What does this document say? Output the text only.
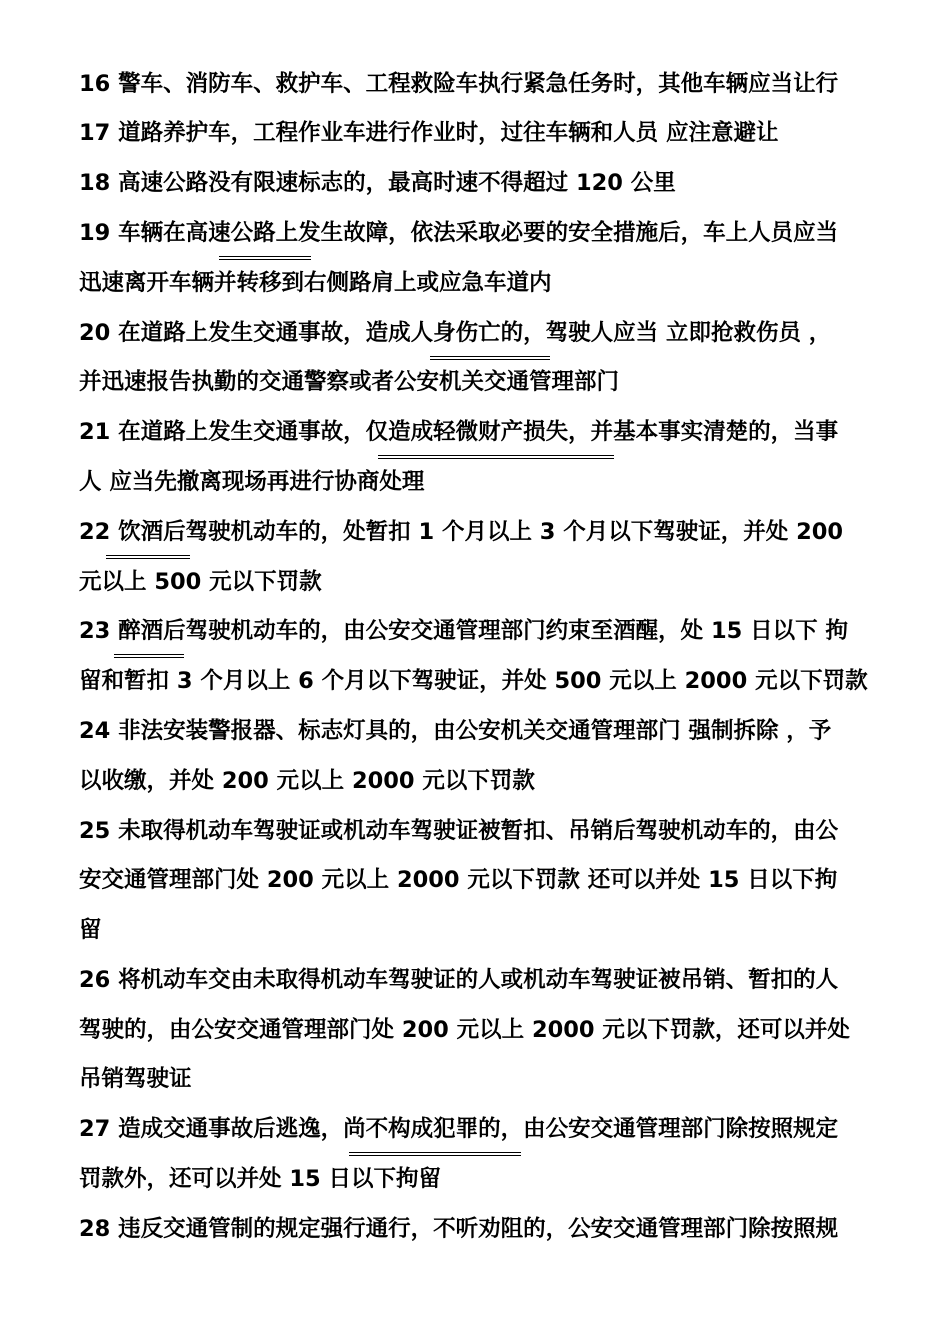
16 警车、消防车、救护车、工程救险车执行紧急任务时，其他车辆应当让行
17 道路养护车，工程作业车进行作业时，过往车辆和人员 应注意避让
18 高速公路没有限速标志的，最高时速不得超过 120 公里
19 车辆在高速公路上发生故障，依法采取必要的安全措施后，车上人员应当
迅速离开车辆并转移到右侧路肩上或应急车道内
20 在道路上发生交通事故，造成人身伤亡的，驾驶人应当 立即抢救伤员 ，
并迅速报告执勤的交通警察或者公安机关交通管理部门
21 在道路上发生交通事故，仅造成轻微财产损失，并基本事实清楚的，当事
人 应当先撤离现场再进行协商处理
22 饮酒后驾驶机动车的，处暂扣 1 个月以上 3 个月以下驾驶证，并处 200
元以上 500 元以下罚款
23 醉酒后驾驶机动车的，由公安交通管理部门约束至酒醒，处 15 日以下 拘
留和暂扣 3 个月以上 6 个月以下驾驶证，并处 500 元以上 2000 元以下罚款
24 非法安装警报器、标志灯具的，由公安机关交通管理部门 强制拆除 ，予
以收缴，并处 200 元以上 2000 元以下罚款
25 未取得机动车驾驶证或机动车驾驶证被暂扣、吊销后驾驶机动车的，由公
安交通管理部门处 200 元以上 2000 元以下罚款 还可以并处 15 日以下拘
留
26 将机动车交由未取得机动车驾驶证的人或机动车驾驶证被吊销、暂扣的人
驾驶的，由公安交通管理部门处 200 元以上 2000 元以下罚款，还可以并处
吊销驾驶证
27 造成交通事故后逃逸，尚不构成犯罪的，由公安交通管理部门除按照规定
罚款外，还可以并处 15 日以下拘留
28 违反交通管制的规定强行通行，不听劝阻的，公安交通管理部门除按照规
